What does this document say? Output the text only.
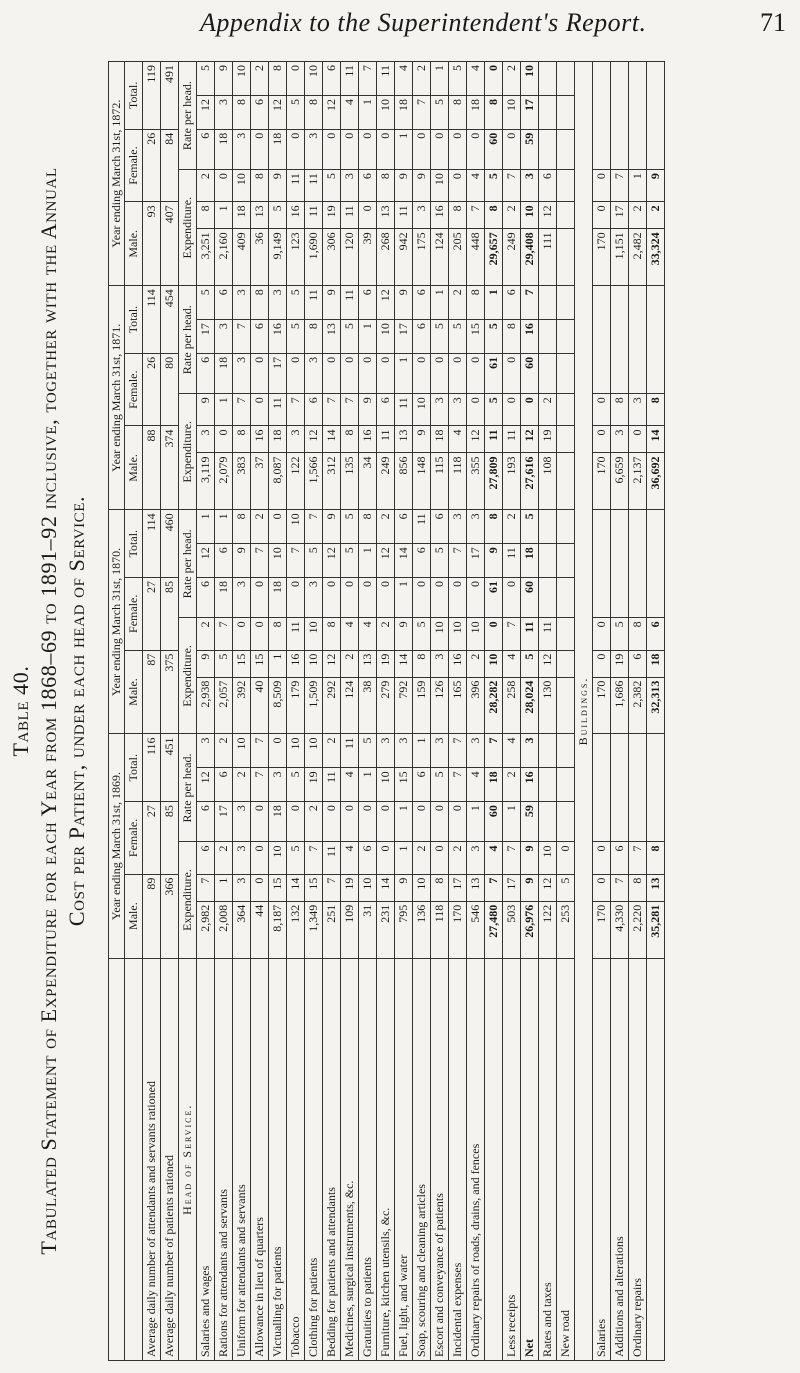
Appendix to the Superintendent's Report.	71
Table 40. Tabulated Statement of Expenditure for each Year from 1868–69 to 1891–92 inclusive, together with the Annual Cost per Patient, under each head of Service.
	Year ending March 31st, 1869.						Year ending March 31st, 1870.						Year ending March 31st, 1871.						Year ending March 31st, 1872.					
	Male.		Female.		Total.		Male.		Female.		Total.		Male.		Female.		Total.		Male.		Female.		Total.	
Average daily number of attendants and servants rationed	89		27		116		87		27		114		88		26		114		93		26		119	
Average daily number of patients rationed	366		85		451		375		85		460		374		80		454		407		84		491	
Head of Service.	Expenditure.			Rate per head.			Expenditure.			Rate per head.			Expenditure.			Rate per head.			Expenditure.			Rate per head.		
Salaries and wages	2,982	7	6	6	12	3	2,938	9	2	6	12	1	3,119	3	9	6	17	5	3,251	8	2	6	12	5
Rations for attendants and servants	2,008	1	2	17	6	2	2,057	5	7	18	6	1	2,079	0	1	18	3	6	2,160	1	0	18	3	9
Uniform for attendants and servants	364	3	3	3	2	10	392	15	0	3	9	8	383	8	7	3	7	3	409	18	10	3	8	10
Allowance in lieu of quarters	44	0	0	0	7	7	40	15	0	0	7	2	37	16	0	0	6	8	36	13	8	0	6	2
Victualling for patients	8,187	15	10	18	3	0	8,509	1	8	18	10	0	8,087	18	11	17	16	3	9,149	5	9	18	12	8
Tobacco	132	14	5	0	5	10	179	16	11	0	7	10	122	3	7	0	5	5	123	16	11	0	5	0
Clothing for patients	1,349	15	7	2	19	10	1,509	10	10	3	5	7	1,566	12	6	3	8	11	1,690	11	11	3	8	10
Bedding for patients and attendants	251	7	11	0	11	2	292	12	8	0	12	9	312	14	7	0	13	9	306	19	5	0	12	6
Medicines, surgical instruments, &c.	109	19	4	0	4	11	124	2	4	0	5	5	135	8	7	0	5	11	120	11	3	0	4	11
Gratuities to patients	31	10	6	0	1	5	38	13	4	0	1	8	34	16	9	0	1	6	39	0	6	0	1	7
Furniture, kitchen utensils, &c.	231	14	0	0	10	3	279	19	2	0	12	2	249	11	6	0	10	12	268	13	8	0	10	11
Fuel, light, and water	795	9	1	1	15	3	792	14	9	1	14	6	856	13	11	1	17	9	942	11	9	1	18	4
Soap, scouring and cleaning articles	136	10	2	0	6	1	159	8	5	0	6	11	148	9	10	0	6	6	175	3	9	0	7	2
Escort and conveyance of patients	118	8	0	0	5	3	126	3	10	0	5	6	115	18	3	0	5	1	124	16	10	0	5	1
Incidental expenses	170	17	2	0	7	7	165	16	10	0	7	3	118	4	3	0	5	2	205	8	0	0	8	5
Ordinary repairs of roads, drains, and fences	546	13	3	1	4	3	396	2	10	0	17	3	355	12	0	0	15	8	448	7	4	0	18	4
	27,480	7	4	60	18	7	28,282	10	0	61	9	8	27,809	11	5	61	5	1	29,657	8	5	60	8	0
Less receipts	503	17	7	1	2	4	258	4	7	0	11	2	193	11	0	0	8	6	249	2	7	0	10	2
Net	26,976	9	9	59	16	3	28,024	5	11	60	18	5	27,616	12	0	60	16	7	29,408	10	3	59	17	10
Rates and taxes	122	12	10				130	12	11				108	19	2				111	12	6			
New road	253	5	0																					
Buildings.																								
Salaries	170	0	0				170	0	0				170	0	0				170	0	0			
Additions and alterations	4,330	7	6				1,686	19	5				6,659	3	8				1,151	17	7			
Ordinary repairs	2,220	8	7				2,382	6	8				2,137	0	3				2,482	2	1			
	35,281	13	8				32,313	18	6				36,692	14	8				33,324	2	9			
